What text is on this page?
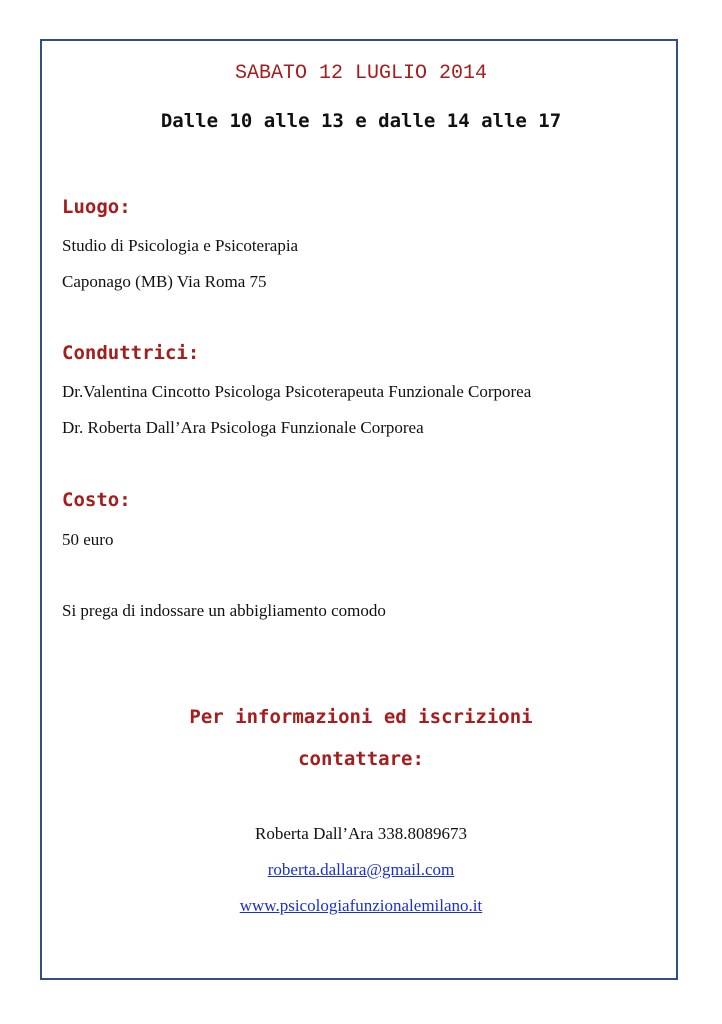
SABATO 12 LUGLIO 2014
Dalle 10 alle 13 e dalle 14 alle 17
Luogo:
Studio di Psicologia e Psicoterapia
Caponago (MB) Via Roma 75
Conduttrici:
Dr.Valentina Cincotto Psicologa Psicoterapeuta Funzionale Corporea
Dr. Roberta Dall’Ara Psicologa Funzionale Corporea
Costo:
50 euro
Si prega di indossare un abbigliamento comodo
Per informazioni ed iscrizioni
contattare:
Roberta Dall’Ara 338.8089673
roberta.dallara@gmail.com
www.psicologiafunzionalemilano.it
